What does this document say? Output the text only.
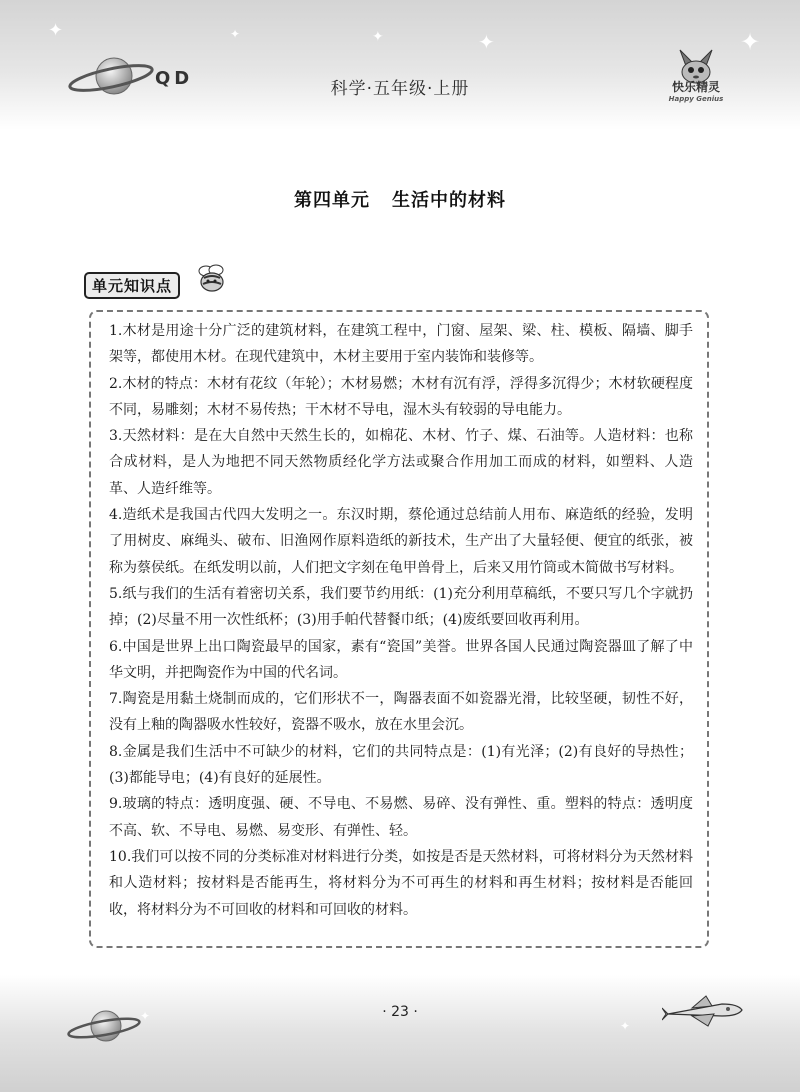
✦	✦	✦	✦	✦
✦
✦
QD	科学·五年级·上册	快乐精灵
Happy Genius
第四单元 生活中的材料
单元知识点
1.木材是用途十分广泛的建筑材料，在建筑工程中，门窗、屋架、梁、柱、模板、隔墙、脚手架等，都使用木材。在现代建筑中，木材主要用于室内装饰和装修等。
2.木材的特点：木材有花纹（年轮）；木材易燃；木材有沉有浮，浮得多沉得少；木材软硬程度不同，易雕刻；木材不易传热；干木材不导电，湿木头有较弱的导电能力。
3.天然材料：是在大自然中天然生长的，如棉花、木材、竹子、煤、石油等。人造材料：也称合成材料，是人为地把不同天然物质经化学方法或聚合作用加工而成的材料，如塑料、人造革、人造纤维等。
4.造纸术是我国古代四大发明之一。东汉时期，蔡伦通过总结前人用布、麻造纸的经验，发明了用树皮、麻绳头、破布、旧渔网作原料造纸的新技术，生产出了大量轻便、便宜的纸张，被称为蔡侯纸。在纸发明以前，人们把文字刻在龟甲兽骨上，后来又用竹筒或木简做书写材料。
5.纸与我们的生活有着密切关系，我们要节约用纸：(1)充分利用草稿纸，不要只写几个字就扔掉；(2)尽量不用一次性纸杯；(3)用手帕代替餐巾纸；(4)废纸要回收再利用。
6.中国是世界上出口陶瓷最早的国家，素有“瓷国”美誉。世界各国人民通过陶瓷器皿了解了中华文明，并把陶瓷作为中国的代名词。
7.陶瓷是用黏土烧制而成的，它们形状不一，陶器表面不如瓷器光滑，比较坚硬，韧性不好，没有上釉的陶器吸水性较好，瓷器不吸水，放在水里会沉。
8.金属是我们生活中不可缺少的材料，它们的共同特点是：(1)有光泽；(2)有良好的导热性；(3)都能导电；(4)有良好的延展性。
9.玻璃的特点：透明度强、硬、不导电、不易燃、易碎、没有弹性、重。塑料的特点：透明度不高、软、不导电、易燃、易变形、有弹性、轻。
10.我们可以按不同的分类标准对材料进行分类，如按是否是天然材料，可将材料分为天然材料和人造材料；按材料是否能再生，将材料分为不可再生的材料和再生材料；按材料是否能回收，将材料分为不可回收的材料和可回收的材料。
· 23 ·
